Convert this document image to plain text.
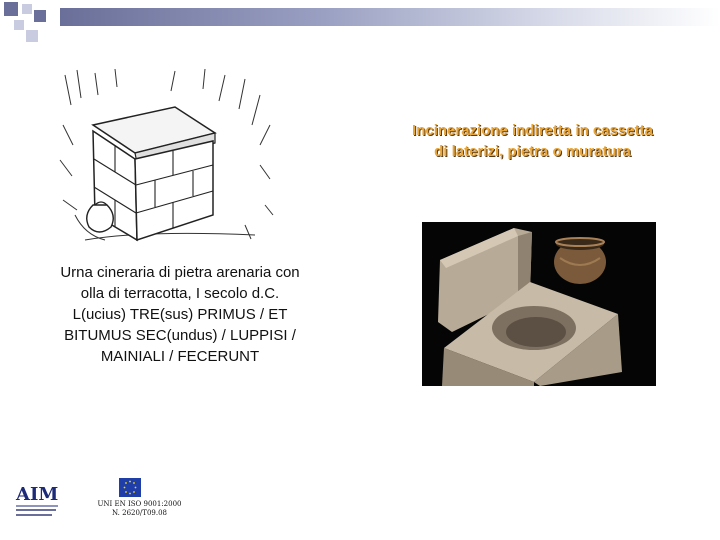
Urna cineraria di pietra arenaria con olla di terracotta, I secolo d.C. L(ucius) TRE(sus) PRIMUS / ET BITUMUS SEC(undus) / LUPPISI / MAINIALI / FECERUNT
Incinerazione indiretta in cassetta di laterizi, pietra o muratura
AIM	UNI EN ISO 9001:2000
N. 2620/T09.08
